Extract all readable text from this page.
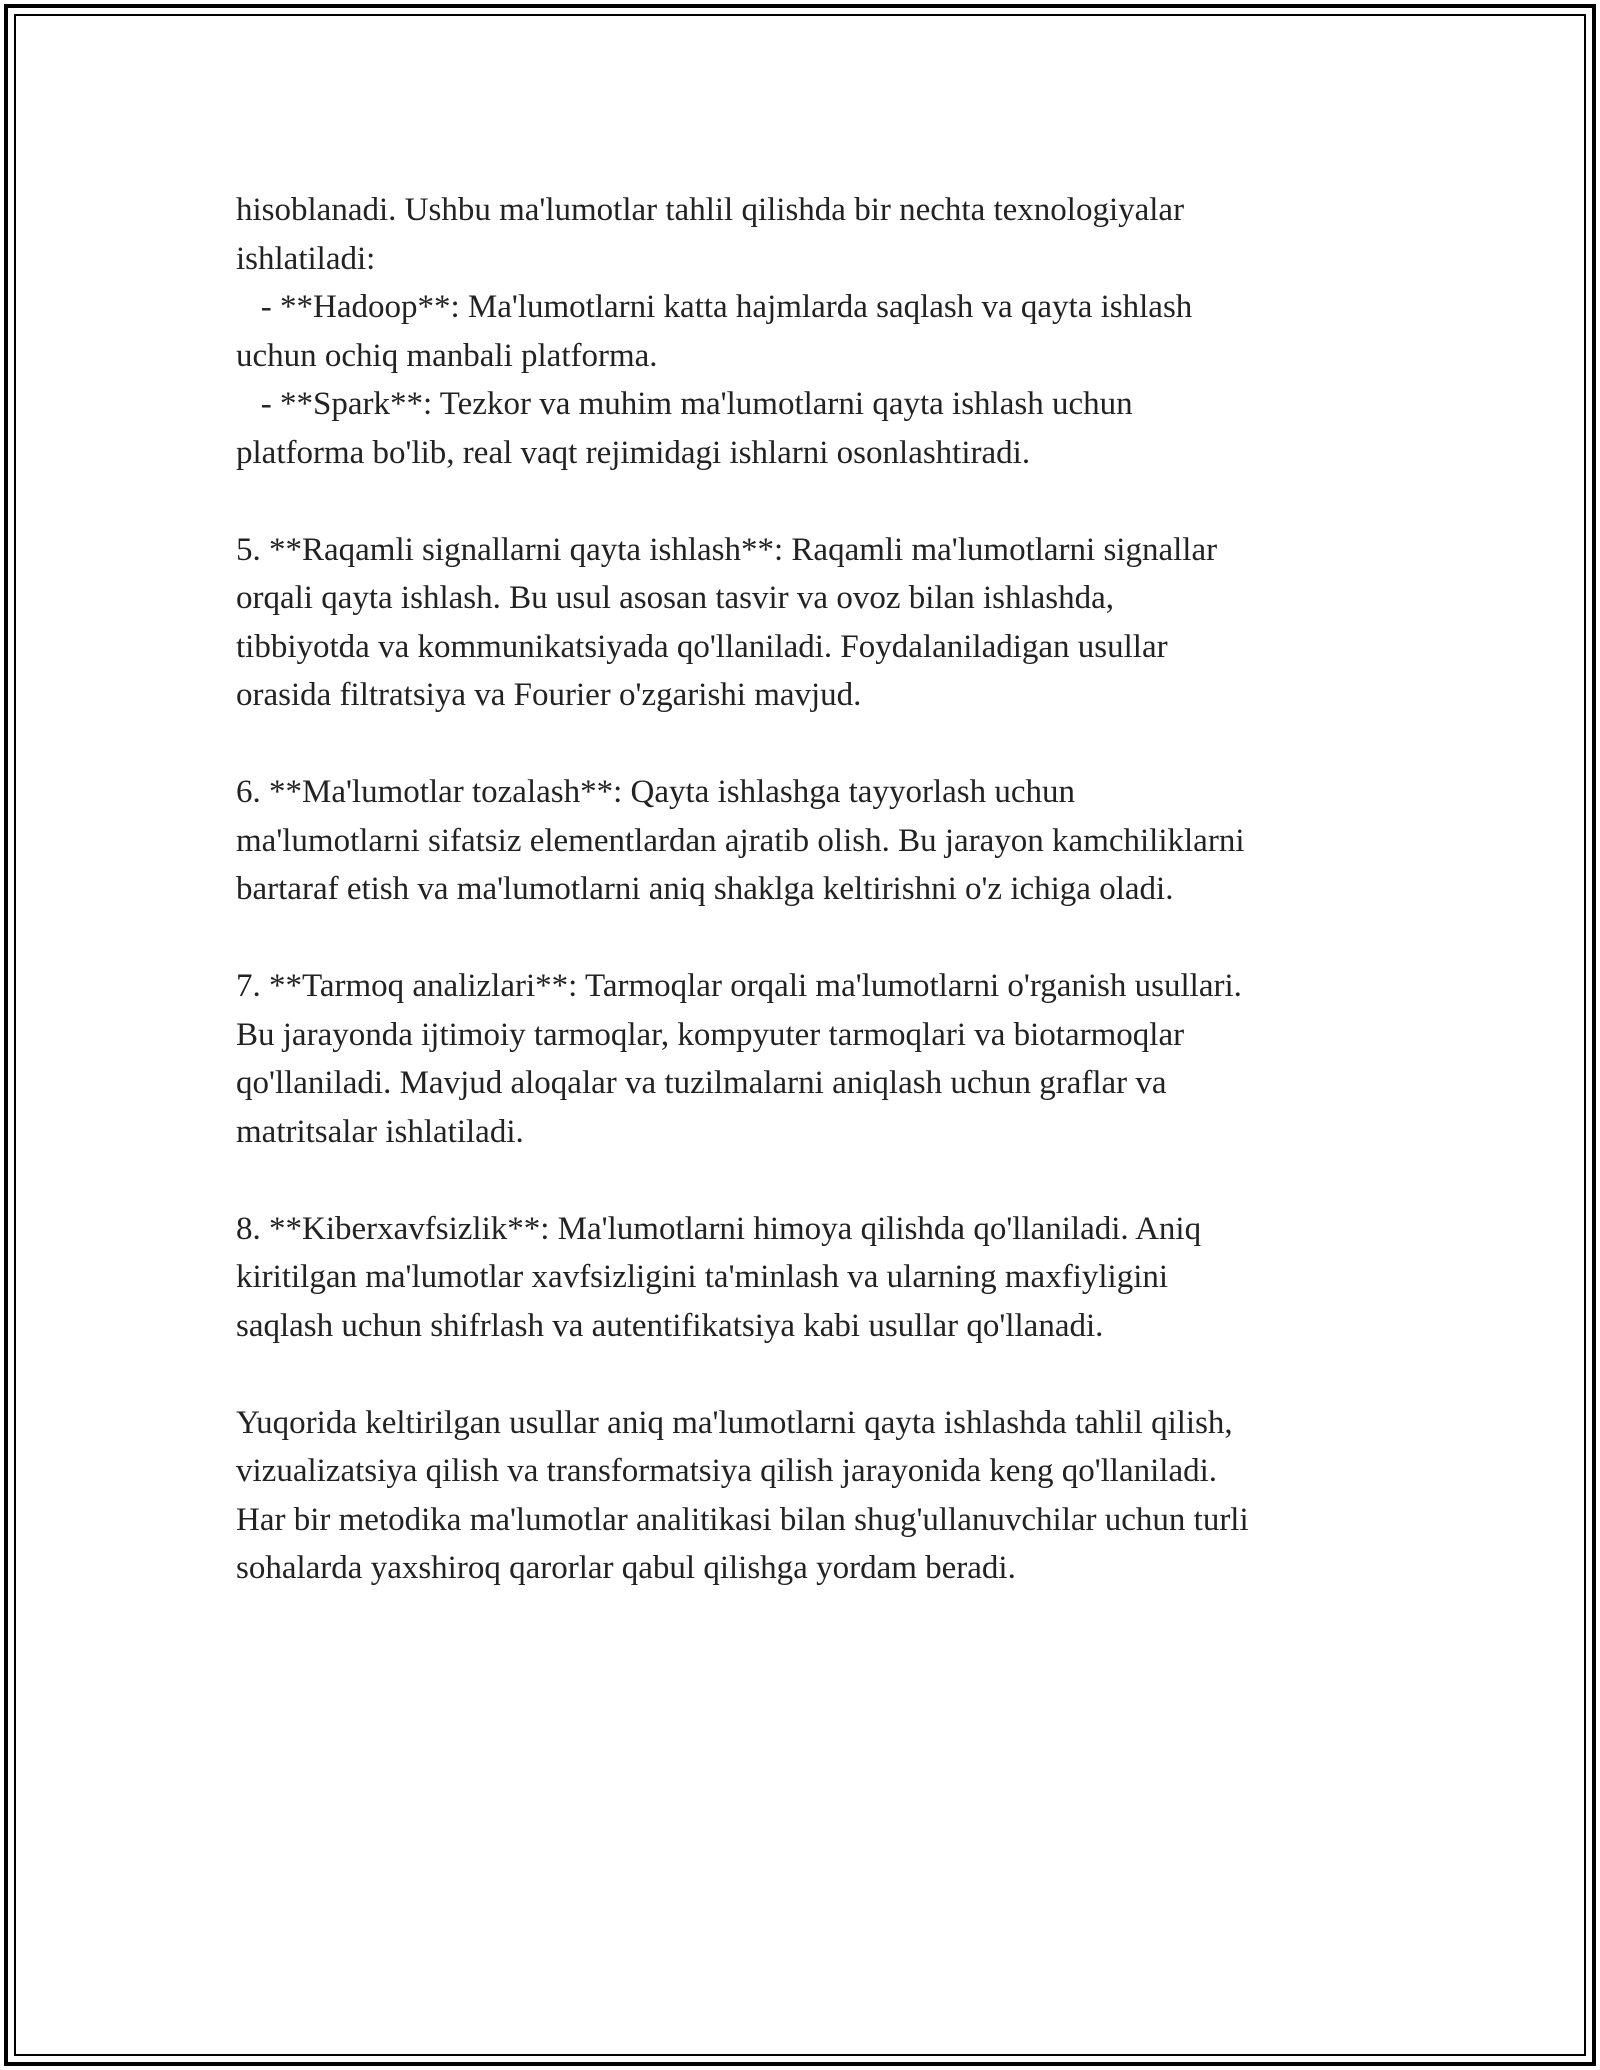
hisoblanadi. Ushbu ma'lumotlar tahlil qilishda bir nechta texnologiyalar
ishlatiladi:
- **Hadoop**: Ma'lumotlarni katta hajmlarda saqlash va qayta ishlash
uchun ochiq manbali platforma.
- **Spark**: Tezkor va muhim ma'lumotlarni qayta ishlash uchun
platforma bo'lib, real vaqt rejimidagi ishlarni osonlashtiradi.
5. **Raqamli signallarni qayta ishlash**: Raqamli ma'lumotlarni signallar
orqali qayta ishlash. Bu usul asosan tasvir va ovoz bilan ishlashda,
tibbiyotda va kommunikatsiyada qo'llaniladi. Foydalaniladigan usullar
orasida filtratsiya va Fourier o'zgarishi mavjud.
6. **Ma'lumotlar tozalash**: Qayta ishlashga tayyorlash uchun
ma'lumotlarni sifatsiz elementlardan ajratib olish. Bu jarayon kamchiliklarni
bartaraf etish va ma'lumotlarni aniq shaklga keltirishni o'z ichiga oladi.
7. **Tarmoq analizlari**: Tarmoqlar orqali ma'lumotlarni o'rganish usullari.
Bu jarayonda ijtimoiy tarmoqlar, kompyuter tarmoqlari va biotarmoqlar
qo'llaniladi. Mavjud aloqalar va tuzilmalarni aniqlash uchun graflar va
matritsalar ishlatiladi.
8. **Kiberxavfsizlik**: Ma'lumotlarni himoya qilishda qo'llaniladi. Aniq
kiritilgan ma'lumotlar xavfsizligini ta'minlash va ularning maxfiyligini
saqlash uchun shifrlash va autentifikatsiya kabi usullar qo'llanadi.
Yuqorida keltirilgan usullar aniq ma'lumotlarni qayta ishlashda tahlil qilish,
vizualizatsiya qilish va transformatsiya qilish jarayonida keng qo'llaniladi.
Har bir metodika ma'lumotlar analitikasi bilan shug'ullanuvchilar uchun turli
sohalarda yaxshiroq qarorlar qabul qilishga yordam beradi.
